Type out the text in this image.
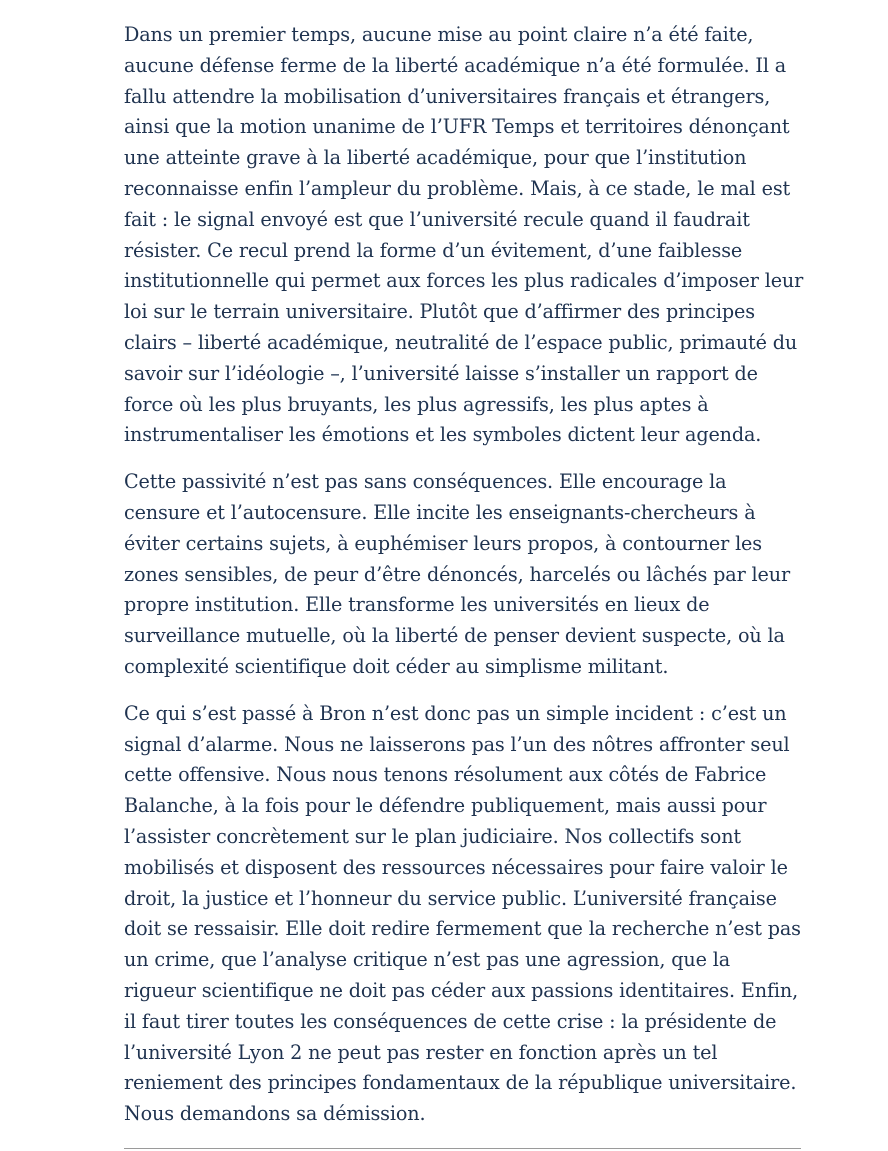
Dans un premier temps, aucune mise au point claire n’a été faite, aucune défense ferme de la liberté académique n’a été formulée. Il a fallu attendre la mobilisation d’universitaires français et étrangers, ainsi que la motion unanime de l’UFR Temps et territoires dénonçant une atteinte grave à la liberté académique, pour que l’institution reconnaisse enfin l’ampleur du problème. Mais, à ce stade, le mal est fait : le signal envoyé est que l’université recule quand il faudrait résister. Ce recul prend la forme d’un évitement, d’une faiblesse institutionnelle qui permet aux forces les plus radicales d’imposer leur loi sur le terrain universitaire. Plutôt que d’affirmer des principes clairs – liberté académique, neutralité de l’espace public, primauté du savoir sur l’idéologie –, l’université laisse s’installer un rapport de force où les plus bruyants, les plus agressifs, les plus aptes à instrumentaliser les émotions et les symboles dictent leur agenda.

Cette passivité n’est pas sans conséquences. Elle encourage la censure et l’autocensure. Elle incite les enseignants-chercheurs à éviter certains sujets, à euphémiser leurs propos, à contourner les zones sensibles, de peur d’être dénoncés, harcelés ou lâchés par leur propre institution. Elle transforme les universités en lieux de surveillance mutuelle, où la liberté de penser devient suspecte, où la complexité scientifique doit céder au simplisme militant.

Ce qui s’est passé à Bron n’est donc pas un simple incident : c’est un signal d’alarme. Nous ne laisserons pas l’un des nôtres affronter seul cette offensive. Nous nous tenons résolument aux côtés de Fabrice Balanche, à la fois pour le défendre publiquement, mais aussi pour l’assister concrètement sur le plan judiciaire. Nos collectifs sont mobilisés et disposent des ressources nécessaires pour faire valoir le droit, la justice et l’honneur du service public. L’université française doit se ressaisir. Elle doit redire fermement que la recherche n’est pas un crime, que l’analyse critique n’est pas une agression, que la rigueur scientifique ne doit pas céder aux passions identitaires. Enfin, il faut tirer toutes les conséquences de cette crise : la présidente de l’université Lyon 2 ne peut pas rester en fonction après un tel reniement des principes fondamentaux de la république universitaire. Nous demandons sa démission.
